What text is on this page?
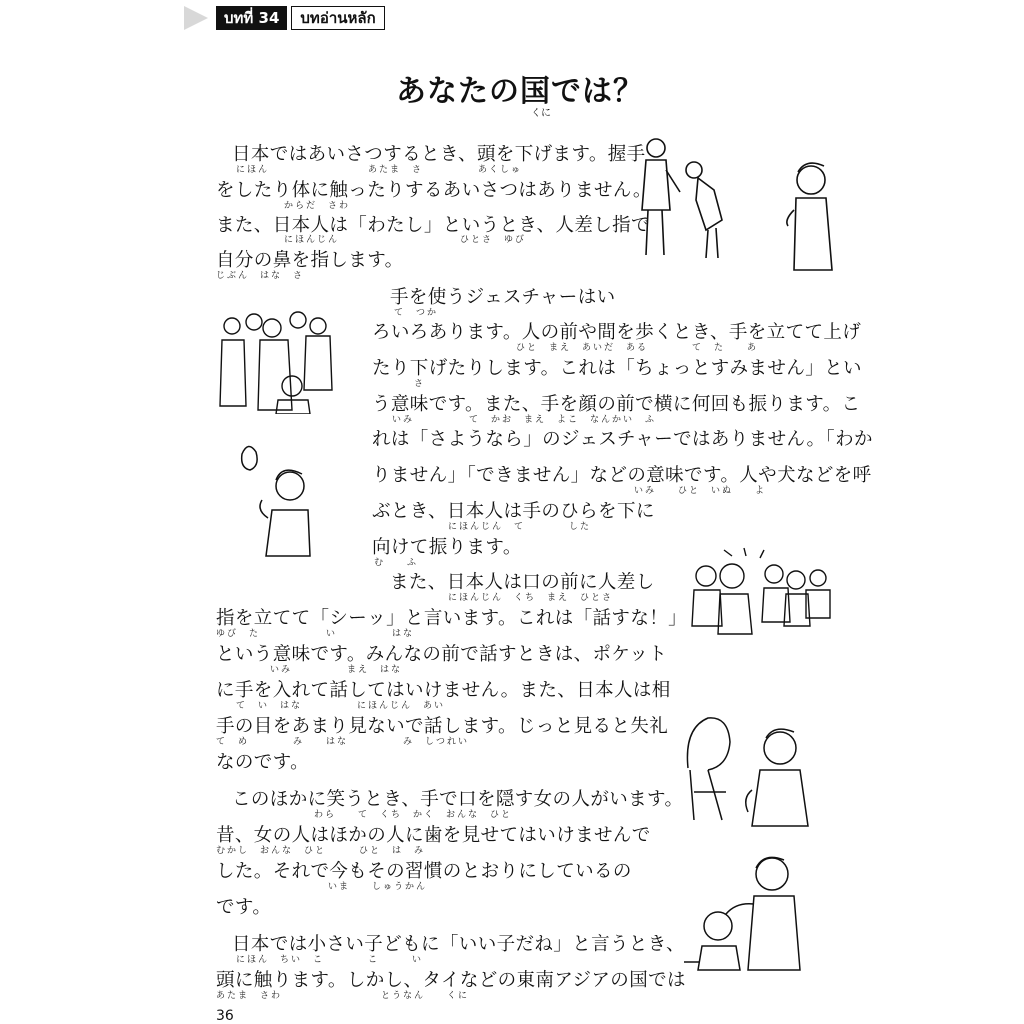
บทที่ 34	บทอ่านหลัก
あなたの国では？
くに
日本ではあいさつするとき、頭を下げます。握手
にほん　　　　　　　　　あたま　さ　　　　　あくしゅ
をしたり体に触ったりするあいさつはありません。
からだ　さわ
また、日本人は「わたし」というとき、人差し指で
にほんじん　　　　　　　　　　　ひとさ　ゆび
自分の鼻を指します。
じぶん　はな　さ
手を使うジェスチャーはい
て　つか
ろいろあります。人の前や間を歩くとき、手を立てて上げ
ひと　まえ　あいだ　ある　　　　て　た　　あ
たり下げたりします。これは「ちょっとすみません」とい
さ
う意味です。また、手を顔の前で横に何回も振ります。こ
いみ　　　　　て　かお　まえ　よこ　なんかい　ふ
れは「さようなら」のジェスチャーではありません。「わか
りません」「できません」などの意味です。人や犬などを呼
いみ　　ひと　いぬ　　よ
ぶとき、日本人は手のひらを下に
にほんじん　て　　　　した
向けて振ります。
む　　ふ
また、日本人は口の前に人差し
にほんじん　くち　まえ　ひとさ
指を立てて「シーッ」と言います。これは「話すな！」
ゆび　た　　　　　　い　　　　　はな
という意味です。みんなの前で話すときは、ポケット
いみ　　　　　まえ　はな
に手を入れて話してはいけません。また、日本人は相
て　い　はな　　　　　にほんじん　あい
手の目をあまり見ないで話します。じっと見ると失礼
て　め　　　　み　　はな　　　　　み　しつれい
なのです。
このほかに笑うとき、手で口を隠す女の人がいます。
わら　　て　くち　かく　おんな　ひと
昔、女の人はほかの人に歯を見せてはいけませんで
むかし　おんな　ひと　　　ひと　は　み
した。それで今もその習慣のとおりにしているの
いま　　しゅうかん
です。
日本では小さい子どもに「いい子だね」と言うとき、
にほん　ちい　こ　　　　こ　　　い
頭に触ります。しかし、タイなどの東南アジアの国では
あたま　さわ　　　　　　　　　とうなん　　くに
36
